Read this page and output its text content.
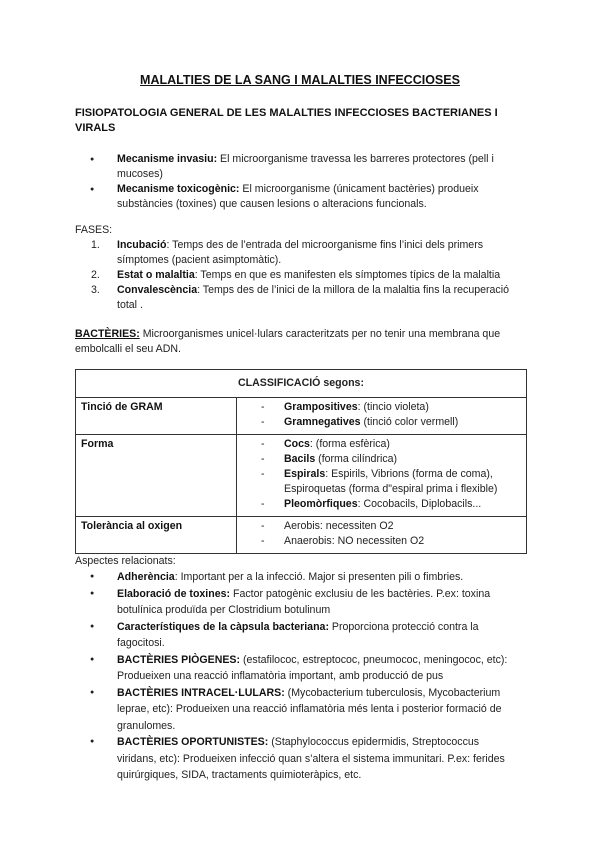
MALALTIES DE LA SANG I MALALTIES INFECCIOSES
FISIOPATOLOGIA GENERAL DE LES MALALTIES INFECCIOSES BACTERIANES I VIRALS
● Mecanisme invasiu: El microorganisme travessa les barreres protectores (pell i mucoses)
● Mecanisme toxicogènic: El microorganisme (únicament bactèries) produeix substàncies (toxines) que causen lesions o alteracions funcionals.
FASES:
1. Incubació: Temps des de l’entrada del microorganisme fins l’inici dels primers símptomes (pacient asimptomàtic).
2. Estat o malaltia: Temps en que es manifesten els símptomes típics de la malaltia
3. Convalescència: Temps des de l’inici de la millora de la malaltia fins la recuperació total .
BACTÈRIES: Microorganismes unicel·lulars caracteritzats per no tenir una membrana que embolcalli el seu ADN.
CLASSIFICACIÓ segons:	
Tinció de GRAM	- Grampositives: (tincio violeta)
- Gramnegatives (tinció color vermell)

Forma	- Cocs: (forma esfèrica)
- Bacils (forma cilíndrica)
- Espirals: Espirils, Vibrions (forma de coma), Espiroquetas (forma d"espiral prima i flexible)
- Pleomòrfiques: Cocobacils, Diplobacils...

Tolerància al oxigen	- Aerobis: necessiten O2
- Anaerobis: NO necessiten O2
Aspectes relacionats:
● Adherència: Important per a la infecció. Major si presenten pili o fimbries.
● Elaboració de toxines: Factor patogènic exclusiu de les bactèries. P.ex: toxina botulínica produïda per Clostridium botulinum
● Característiques de la càpsula bacteriana: Proporciona protecció contra la fagocitosi.
● BACTÈRIES PIÒGENES: (estafilococ, estreptococ, pneumococ, meningococ, etc): Produeixen una reacció inflamatòria important, amb producció de pus
● BACTÈRIES INTRACEL·LULARS: (Mycobacterium tuberculosis, Mycobacterium leprae, etc): Produeixen una reacció inflamatòria més lenta i posterior formació de granulomes.
● BACTÈRIES OPORTUNISTES: (Staphylococcus epidermidis, Streptococcus viridans, etc): Produeixen infecció quan s’altera el sistema immunitari. P.ex: ferides quirúrgiques, SIDA, tractaments quimioteràpics, etc.
